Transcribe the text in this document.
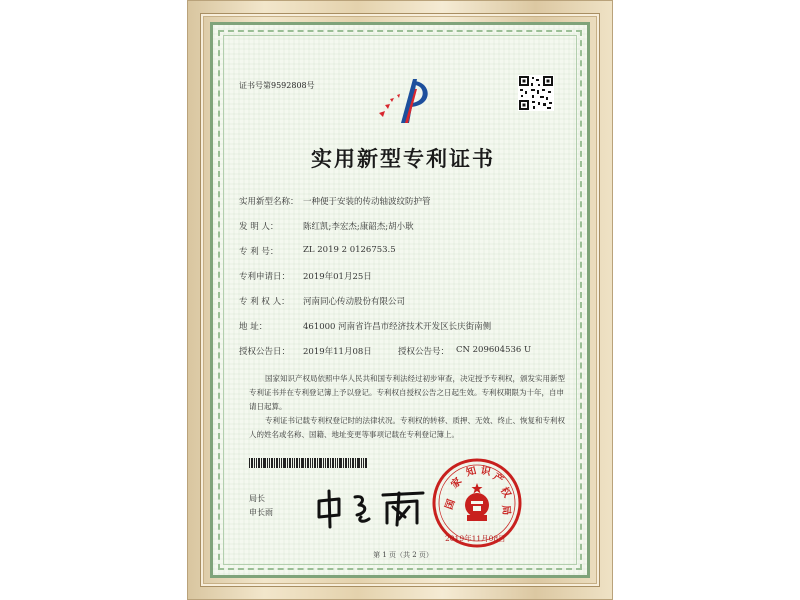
证书号第9592808号
实用新型专利证书
实用新型名称： 一种便于安装的传动轴波纹防护管
发 明 人：	陈红凯;李宏杰;康韶杰;胡小耿
专 利 号：	ZL 2019 2 0126753.5
专利申请日： 2019年01月25日
专 利 权 人： 河南同心传动股份有限公司
地 址：	461000 河南省许昌市经济技术开发区长庆街南侧
授权公告日： 2019年11月08日	授权公告号： CN 209604536 U
国家知识产权局依照中华人民共和国专利法经过初步审查，决定授予专利权，颁发实用新型专利证书并在专利登记簿上予以登记。专利权自授权公告之日起生效。专利权期限为十年，自申请日起算。
专利证书记载专利权登记时的法律状况。专利权的转移、质押、无效、终止、恢复和专利权人的姓名或名称、国籍、地址变更等事项记载在专利登记簿上。
局长
申长雨
国
家
知 识 产
权
局
2019年11月08日
第 1 页（共 2 页）
